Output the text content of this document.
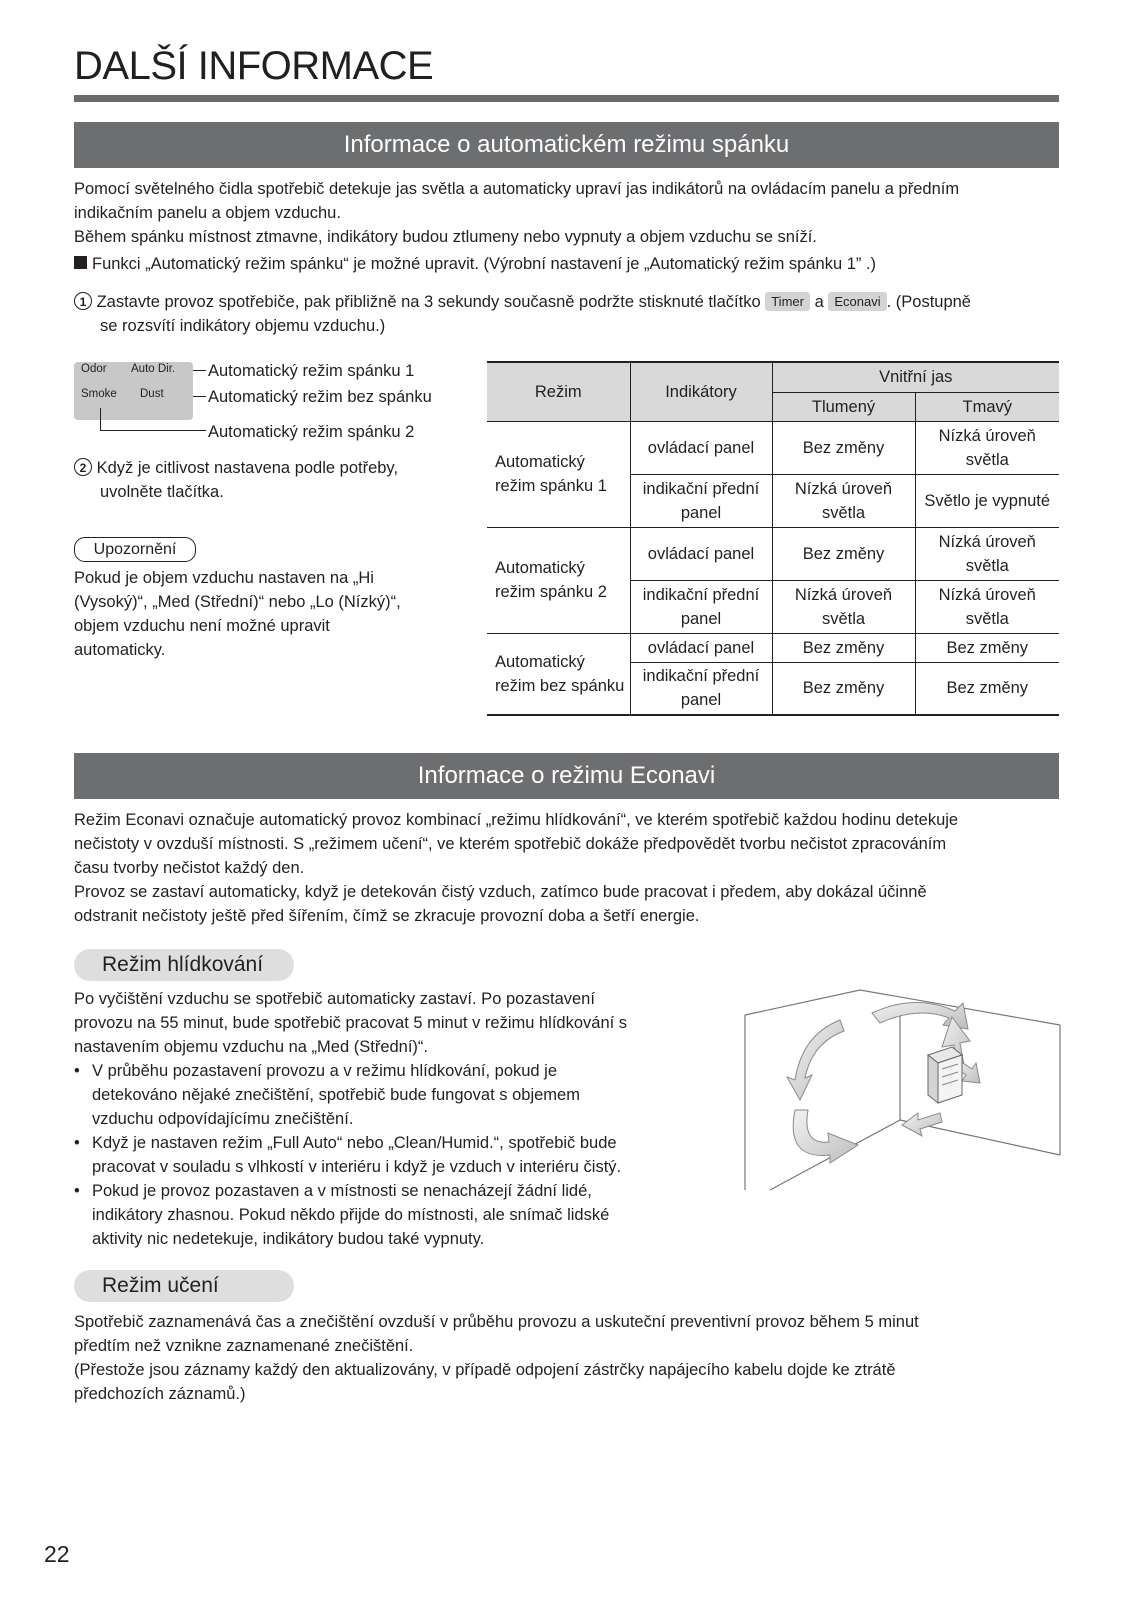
DALŠÍ INFORMACE
Informace o automatickém režimu spánku
Pomocí světelného čidla spotřebič detekuje jas světla a automaticky upraví jas indikátorů na ovládacím panelu a předním
indikačním panelu a objem vzduchu.
Během spánku místnost ztmavne, indikátory budou ztlumeny nebo vypnuty a objem vzduchu se sníží.
Funkci „Automatický režim spánku“ je možné upravit. (Výrobní nastavení je „Automatický režim spánku 1” .)
1 Zastavte provoz spotřebiče, pak přibližně na 3 sekundy současně podržte stisknuté tlačítko Timer a Econavi . (Postupně
se rozsvítí indikátory objemu vzduchu.)
Odor Auto Dir.
Smoke Dust
Automatický režim spánku 1
Automatický režim bez spánku
Automatický režim spánku 2
2 Když je citlivost nastavena podle potřeby,
uvolněte tlačítka.
Upozornění
Pokud je objem vzduchu nastaven na „Hi
(Vysoký)“, „Med (Střední)“ nebo „Lo (Nízký)“,
objem vzduchu není možné upravit
automaticky.
Režim	Indikátory	Vnitřní jas	
		Tlumený	Tmavý
Automatický režim spánku 1	ovládací panel	Bez změny	Nízká úroveň světla
	indikační přední panel	Nízká úroveň světla	Světlo je vypnuté
Automatický režim spánku 2	ovládací panel	Bez změny	Nízká úroveň světla
	indikační přední panel	Nízká úroveň světla	Nízká úroveň světla
Automatický režim bez spánku	ovládací panel	Bez změny	Bez změny
	indikační přední panel	Bez změny	Bez změny
Informace o režimu Econavi
Režim Econavi označuje automatický provoz kombinací „režimu hlídkování“, ve kterém spotřebič každou hodinu detekuje
nečistoty v ovzduší místnosti. S „režimem učení“, ve kterém spotřebič dokáže předpovědět tvorbu nečistot zpracováním
času tvorby nečistot každý den.
Provoz se zastaví automaticky, když je detekován čistý vzduch, zatímco bude pracovat i předem, aby dokázal účinně
odstranit nečistoty ještě před šířením, čímž se zkracuje provozní doba a šetří energie.
Režim hlídkování
Po vyčištění vzduchu se spotřebič automaticky zastaví. Po pozastavení
provozu na 55 minut, bude spotřebič pracovat 5 minut v režimu hlídkování s
nastavením objemu vzduchu na „Med (Střední)“.
• V průběhu pozastavení provozu a v režimu hlídkování, pokud je
detekováno nějaké znečištění, spotřebič bude fungovat s objemem
vzduchu odpovídajícímu znečištění.
• Když je nastaven režim „Full Auto“ nebo „Clean/Humid.“, spotřebič bude
pracovat v souladu s vlhkostí v interiéru i když je vzduch v interiéru čistý.
• Pokud je provoz pozastaven a v místnosti se nenacházejí žádní lidé,
indikátory zhasnou. Pokud někdo přijde do místnosti, ale snímač lidské
aktivity nic nedetekuje, indikátory budou také vypnuty.
Režim učení
Spotřebič zaznamenává čas a znečištění ovzduší v průběhu provozu a uskuteční preventivní provoz během 5 minut
předtím než vznikne zaznamenané znečištění.
(Přestože jsou záznamy každý den aktualizovány, v případě odpojení zástrčky napájecího kabelu dojde ke ztrátě
předchozích záznamů.)
22
